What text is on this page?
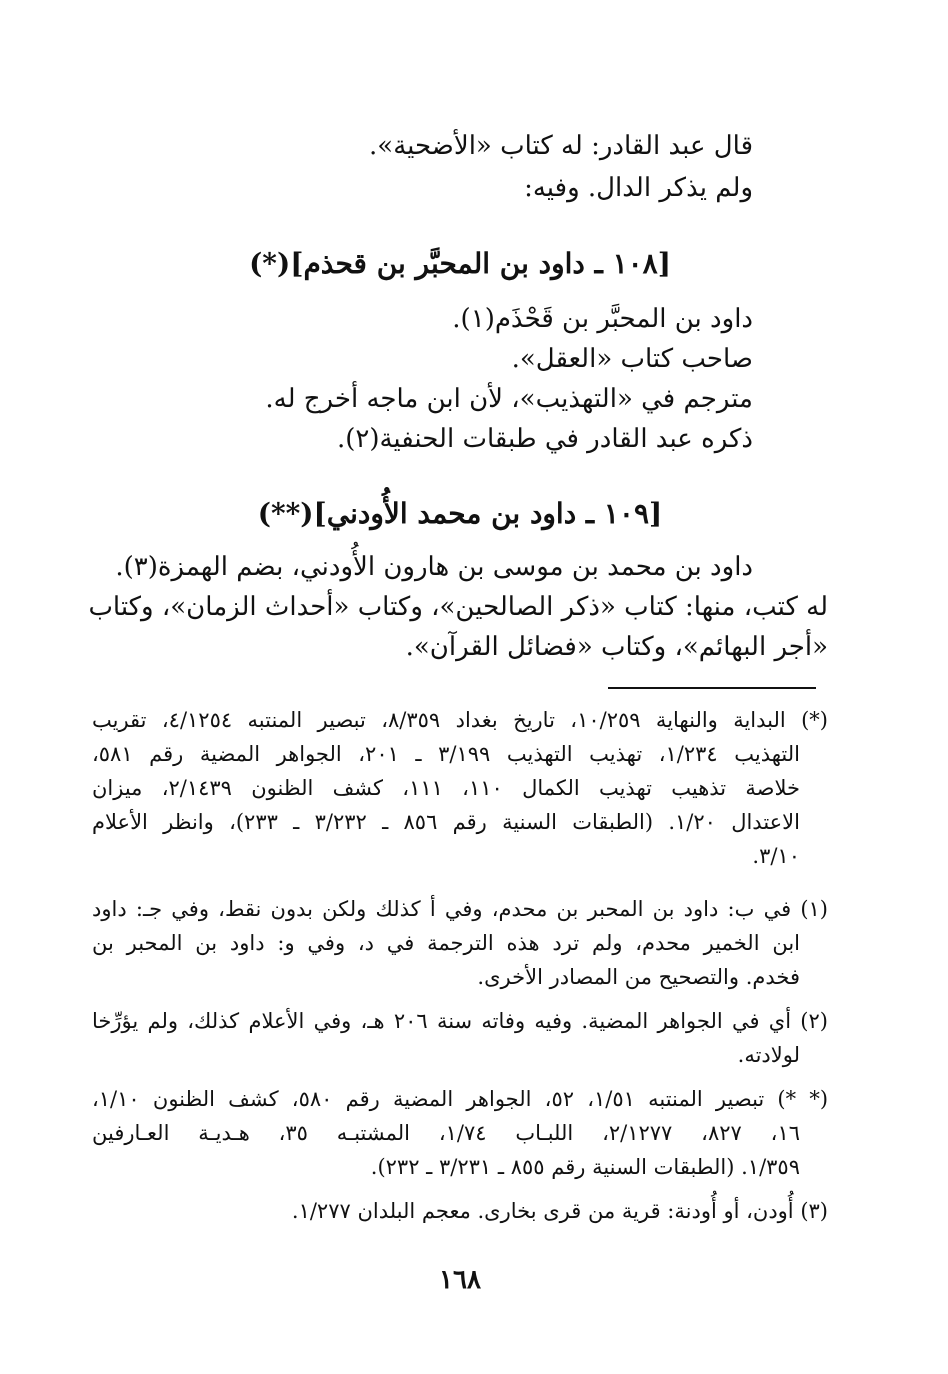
قال عبد القادر: له كتاب «الأضحية».
ولم يذكر الدال. وفيه:
[١٠٨ ـ داود بن المحبَّر بن قحذم](*)
داود بن المحبَّر بن قَحْذَم(١).
صاحب كتاب «العقل».
مترجم في «التهذيب»، لأن ابن ماجه أخرج له.
ذكره عبد القادر في طبقات الحنفية(٢).
[١٠٩ ـ داود بن محمد الأُودني](**)
داود بن محمد بن موسى بن هارون الأُودني، بضم الهمزة(٣).
له كتب، منها: كتاب «ذكر الصالحين»، وكتاب «أحداث الزمان»، وكتاب
«أجر البهائم»، وكتاب «فضائل القرآن».
(*) البداية والنهاية ١٠/٢٥٩، تاريخ بغداد ٨/٣٥٩، تبصير المنتبه ٤/١٢٥٤، تقريب
التهذيب ١/٢٣٤، تهذيب التهذيب ٣/١٩٩ ـ ٢٠١، الجواهر المضية رقم ٥٨١،
خلاصة تذهيب تهذيب الكمال ١١٠، ١١١، كشف الظنون ٢/١٤٣٩، ميزان
الاعتدال ١/٢٠. (الطبقات السنية رقم ٨٥٦ ـ ٣/٢٣٢ ـ ٢٣٣)، وانظر الأعلام
٣/١٠.
(١) في ب: داود بن المحبر بن محدم، وفي أ كذلك ولكن بدون نقط، وفي جـ: داود
ابن الخمير محدم، ولم ترد هذه الترجمة في د، وفي و: داود بن المحبر بن
فخدم. والتصحيح من المصادر الأخرى.
(٢) أي في الجواهر المضية. وفيه وفاته سنة ٢٠٦ هـ، وفي الأعلام كذلك، ولم يؤرِّخا
لولادته.
(* *) تبصير المنتبه ١/٥١، ٥٢، الجواهر المضية رقم ٥٨٠، كشف الظنون ١/١٠،
١٦، ٨٢٧، ٢/١٢٧٧، اللبـاب ١/٧٤، المشتبـه ٣٥، هـديـة العـارفين
١/٣٥٩. (الطبقات السنية رقم ٨٥٥ ـ ٣/٢٣١ ـ ٢٣٢).
(٣) أُودن، أو أُودنة: قرية من قرى بخارى. معجم البلدان ١/٢٧٧.
١٦٨
